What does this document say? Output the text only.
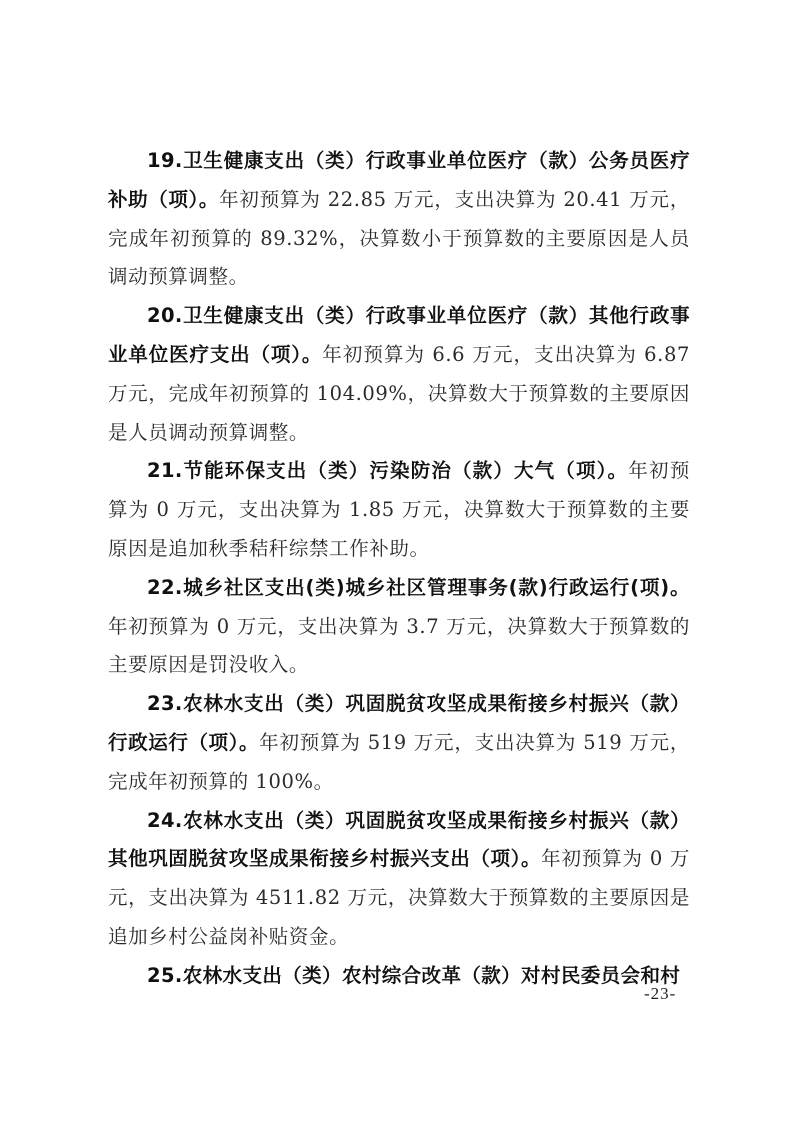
19.卫生健康支出（类）行政事业单位医疗（款）公务员医疗补助（项）。年初预算为 22.85 万元，支出决算为 20.41 万元，完成年初预算的 89.32%，决算数小于预算数的主要原因是人员调动预算调整。

20.卫生健康支出（类）行政事业单位医疗（款）其他行政事业单位医疗支出（项）。年初预算为 6.6 万元，支出决算为 6.87 万元，完成年初预算的 104.09%，决算数大于预算数的主要原因是人员调动预算调整。

21.节能环保支出（类）污染防治（款）大气（项）。年初预算为 0 万元，支出决算为 1.85 万元，决算数大于预算数的主要原因是追加秋季秸秆综禁工作补助。

22.城乡社区支出(类)城乡社区管理事务(款)行政运行(项)。年初预算为 0 万元，支出决算为 3.7 万元，决算数大于预算数的主要原因是罚没收入。

23.农林水支出（类）巩固脱贫攻坚成果衔接乡村振兴（款）行政运行（项）。年初预算为 519 万元，支出决算为 519 万元，完成年初预算的 100%。

24.农林水支出（类）巩固脱贫攻坚成果衔接乡村振兴（款）其他巩固脱贫攻坚成果衔接乡村振兴支出（项）。年初预算为 0 万元，支出决算为 4511.82 万元，决算数大于预算数的主要原因是追加乡村公益岗补贴资金。

25.农林水支出（类）农村综合改革（款）对村民委员会和村

-23-
